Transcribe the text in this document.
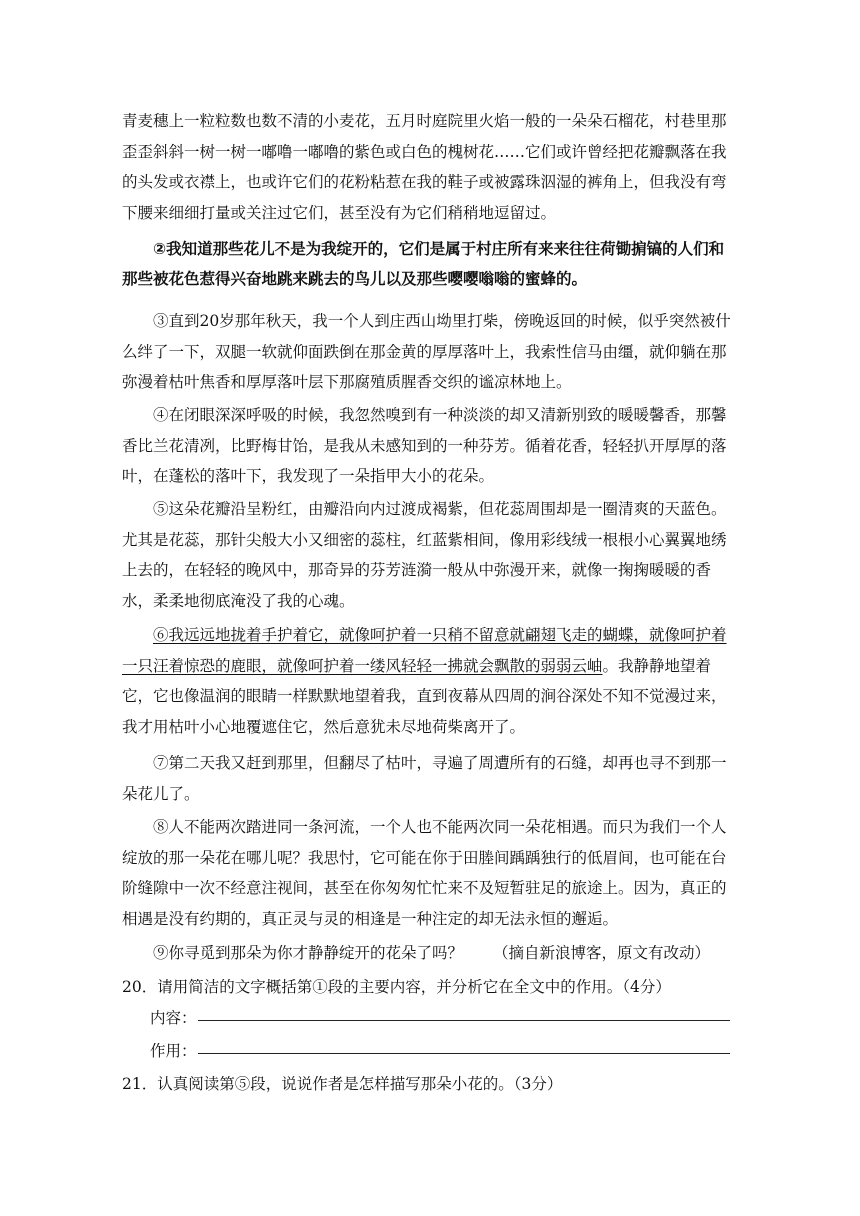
青麦穗上一粒粒数也数不清的小麦花，五月时庭院里火焰一般的一朵朵石榴花，村巷里那歪歪斜斜一树一树一嘟噜一嘟噜的紫色或白色的槐树花……它们或许曾经把花瓣飘落在我的头发或衣襟上，也或许它们的花粉粘惹在我的鞋子或被露珠泅湿的裤角上，但我没有弯下腰来细细打量或关注过它们，甚至没有为它们稍稍地逗留过。

②我知道那些花儿不是为我绽开的，它们是属于村庄所有来来往往荷锄掮镐的人们和那些被花色惹得兴奋地跳来跳去的鸟儿以及那些嘤嘤嗡嗡的蜜蜂的。

③直到20岁那年秋天，我一个人到庄西山坳里打柴，傍晚返回的时候，似乎突然被什么绊了一下，双腿一软就仰面跌倒在那金黄的厚厚落叶上，我索性信马由缰，就仰躺在那弥漫着枯叶焦香和厚厚落叶层下那腐殖质腥香交织的谧凉林地上。

④在闭眼深深呼吸的时候，我忽然嗅到有一种淡淡的却又清新别致的暖暖馨香，那馨香比兰花清冽，比野梅甘饴，是我从未感知到的一种芬芳。循着花香，轻轻扒开厚厚的落叶，在蓬松的落叶下，我发现了一朵指甲大小的花朵。

⑤这朵花瓣沿呈粉红，由瓣沿向内过渡成褐紫，但花蕊周围却是一圈清爽的天蓝色。尤其是花蕊，那针尖般大小又细密的蕊柱，红蓝紫相间，像用彩线绒一根根小心翼翼地绣上去的，在轻轻的晚风中，那奇异的芬芳涟漪一般从中弥漫开来，就像一掬掬暖暖的香水，柔柔地彻底淹没了我的心魂。

⑥我远远地拢着手护着它，就像呵护着一只稍不留意就翩翅飞走的蝴蝶，就像呵护着一只汪着惊恐的鹿眼，就像呵护着一缕风轻轻一拂就会飘散的弱弱云岫。我静静地望着它，它也像温润的眼睛一样默默地望着我，直到夜幕从四周的涧谷深处不知不觉漫过来，我才用枯叶小心地覆遮住它，然后意犹未尽地荷柴离开了。

⑦第二天我又赶到那里，但翻尽了枯叶，寻遍了周遭所有的石缝，却再也寻不到那一朵花儿了。

⑧人不能两次踏进同一条河流，一个人也不能两次同一朵花相遇。而只为我们一个人绽放的那一朵花在哪儿呢？我思忖，它可能在你于田塍间踽踽独行的低眉间，也可能在台阶缝隙中一次不经意注视间，甚至在你匆匆忙忙来不及短暂驻足的旅途上。因为，真正的相遇是没有约期的，真正灵与灵的相逢是一种注定的却无法永恒的邂逅。

⑨你寻觅到那朵为你才静静绽开的花朵了吗？ （摘自新浪博客，原文有改动）

20．请用简洁的文字概括第①段的主要内容，并分析它在全文中的作用。（4分）

内容：
作用：

21．认真阅读第⑤段，说说作者是怎样描写那朵小花的。（3分）
